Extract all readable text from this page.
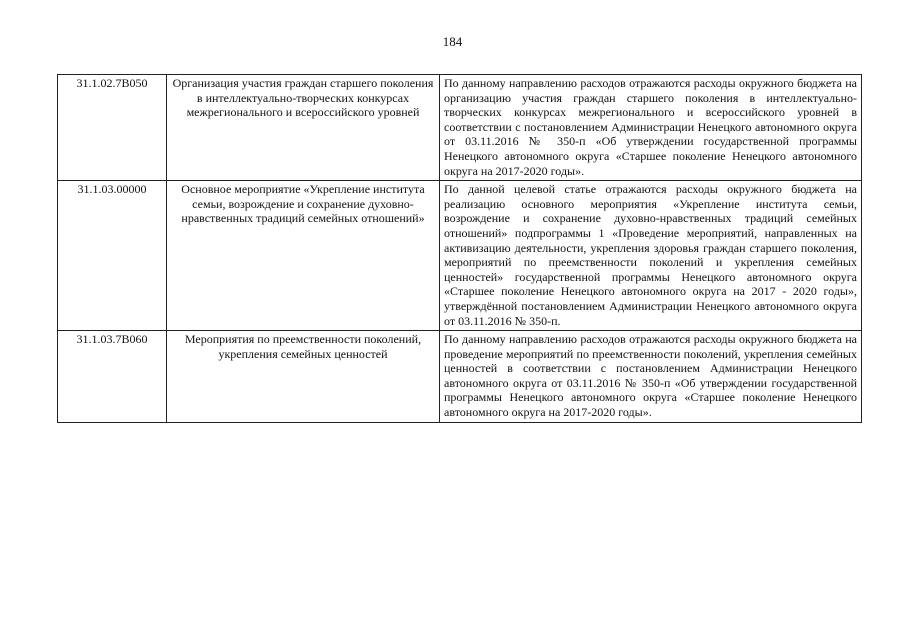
184
31.1.02.7В050	Организация участия граждан старшего поколения в интеллектуально-творческих конкурсах межрегионального и всероссийского уровней	По данному направлению расходов отражаются расходы окружного бюджета на организацию участия граждан старшего поколения в интеллектуально-творческих конкурсах межрегионального и всероссийского уровней в соответствии с постановлением Администрации Ненецкого автономного округа от 03.11.2016 № 350-п «Об утверждении государственной программы Ненецкого автономного округа «Старшее поколение Ненецкого автономного округа на 2017-2020 годы».
31.1.03.00000	Основное мероприятие «Укрепление института семьи, возрождение и сохранение духовно-нравственных традиций семейных отношений»	По данной целевой статье отражаются расходы окружного бюджета на реализацию основного мероприятия «Укрепление института семьи, возрождение и сохранение духовно-нравственных традиций семейных отношений» подпрограммы 1 «Проведение мероприятий, направленных на активизацию деятельности, укрепления здоровья граждан старшего поколения, мероприятий по преемственности поколений и укрепления семейных ценностей» государственной программы Ненецкого автономного округа «Старшее поколение Ненецкого автономного округа на 2017 - 2020 годы», утверждённой постановлением Администрации Ненецкого автономного округа от 03.11.2016 № 350-п.
31.1.03.7В060	Мероприятия по преемственности поколений, укрепления семейных ценностей	По данному направлению расходов отражаются расходы окружного бюджета на проведение мероприятий по преемственности поколений, укрепления семейных ценностей в соответствии с постановлением Администрации Ненецкого автономного округа от 03.11.2016 № 350-п «Об утверждении государственной программы Ненецкого автономного округа «Старшее поколение Ненецкого автономного округа на 2017-2020 годы».
